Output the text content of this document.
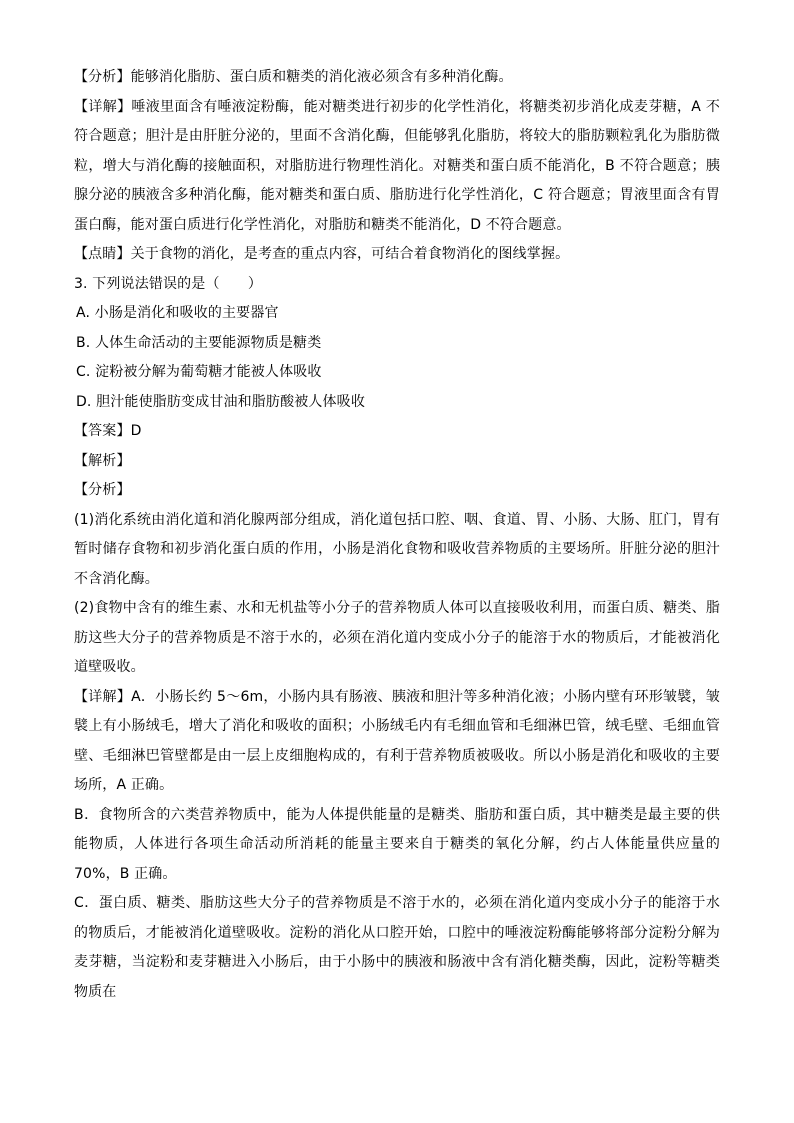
【分析】能够消化脂肪、蛋白质和糖类的消化液必须含有多种消化酶。

【详解】唾液里面含有唾液淀粉酶，能对糖类进行初步的化学性消化，将糖类初步消化成麦芽糖，A 不符合题意；胆汁是由肝脏分泌的，里面不含消化酶，但能够乳化脂肪，将较大的脂肪颗粒乳化为脂肪微粒，增大与消化酶的接触面积，对脂肪进行物理性消化。对糖类和蛋白质不能消化，B 不符合题意；胰腺分泌的胰液含多种消化酶，能对糖类和蛋白质、脂肪进行化学性消化，C 符合题意；胃液里面含有胃蛋白酶，能对蛋白质进行化学性消化，对脂肪和糖类不能消化，D 不符合题意。

【点睛】关于食物的消化，是考查的重点内容，可结合着食物消化的图线掌握。

3. 下列说法错误的是（　　）

A. 小肠是消化和吸收的主要器官

B. 人体生命活动的主要能源物质是糖类

C. 淀粉被分解为葡萄糖才能被人体吸收

D. 胆汁能使脂肪变成甘油和脂肪酸被人体吸收

【答案】D

【解析】

【分析】

(1)消化系统由消化道和消化腺两部分组成，消化道包括口腔、咽、食道、胃、小肠、大肠、肛门，胃有暂时储存食物和初步消化蛋白质的作用，小肠是消化食物和吸收营养物质的主要场所。肝脏分泌的胆汁不含消化酶。

(2)食物中含有的维生素、水和无机盐等小分子的营养物质人体可以直接吸收利用，而蛋白质、糖类、脂肪这些大分子的营养物质是不溶于水的，必须在消化道内变成小分子的能溶于水的物质后，才能被消化道壁吸收。

【详解】A．小肠长约 5～6m，小肠内具有肠液、胰液和胆汁等多种消化液；小肠内壁有环形皱襞，皱襞上有小肠绒毛，增大了消化和吸收的面积；小肠绒毛内有毛细血管和毛细淋巴管，绒毛壁、毛细血管壁、毛细淋巴管壁都是由一层上皮细胞构成的，有利于营养物质被吸收。所以小肠是消化和吸收的主要场所，A 正确。

B．食物所含的六类营养物质中，能为人体提供能量的是糖类、脂肪和蛋白质，其中糖类是最主要的供能物质，人体进行各项生命活动所消耗的能量主要来自于糖类的氧化分解，约占人体能量供应量的 70%，B 正确。

C．蛋白质、糖类、脂肪这些大分子的营养物质是不溶于水的，必须在消化道内变成小分子的能溶于水的物质后，才能被消化道壁吸收。淀粉的消化从口腔开始，口腔中的唾液淀粉酶能够将部分淀粉分解为麦芽糖，当淀粉和麦芽糖进入小肠后，由于小肠中的胰液和肠液中含有消化糖类酶，因此，淀粉等糖类物质在
